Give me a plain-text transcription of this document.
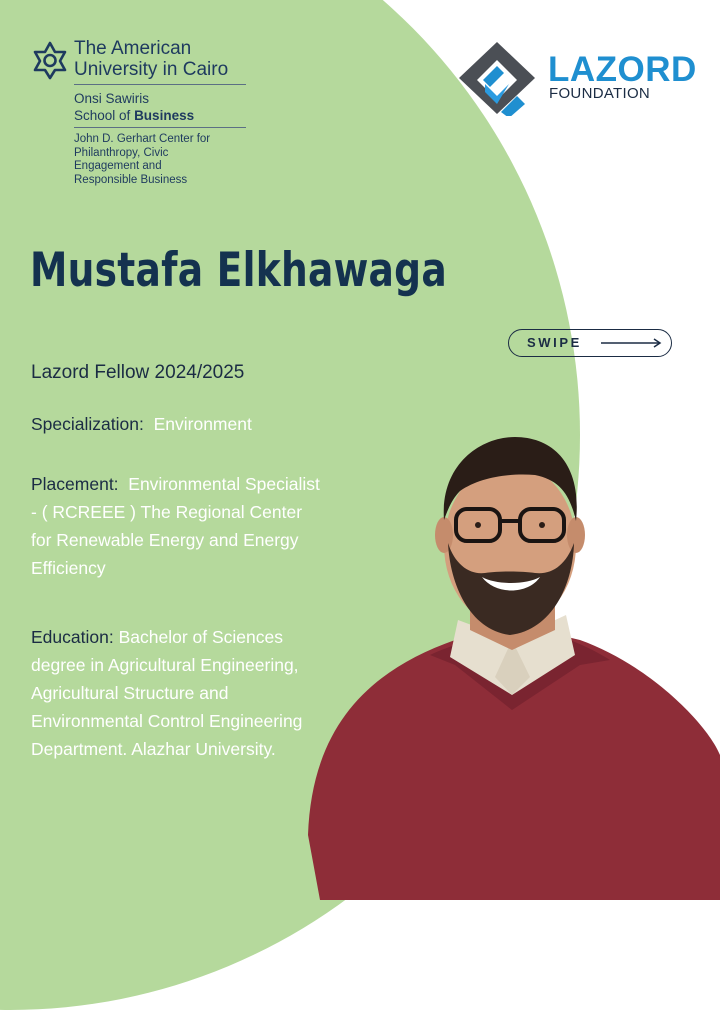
The American University in Cairo
Onsi Sawiris
School of Business
John D. Gerhart Center for Philanthropy, Civic Engagement and Responsible Business
LAZORD
FOUNDATION
Mustafa Elkhawaga
SWIPE
Lazord Fellow 2024/2025
Specialization: Environment
Placement: Environmental Specialist - ( RCREEE ) The Regional Center for Renewable Energy and Energy Efficiency
Education: Bachelor of Sciences degree in Agricultural Engineering, Agricultural Structure and Environmental Control Engineering Department. Alazhar University.
